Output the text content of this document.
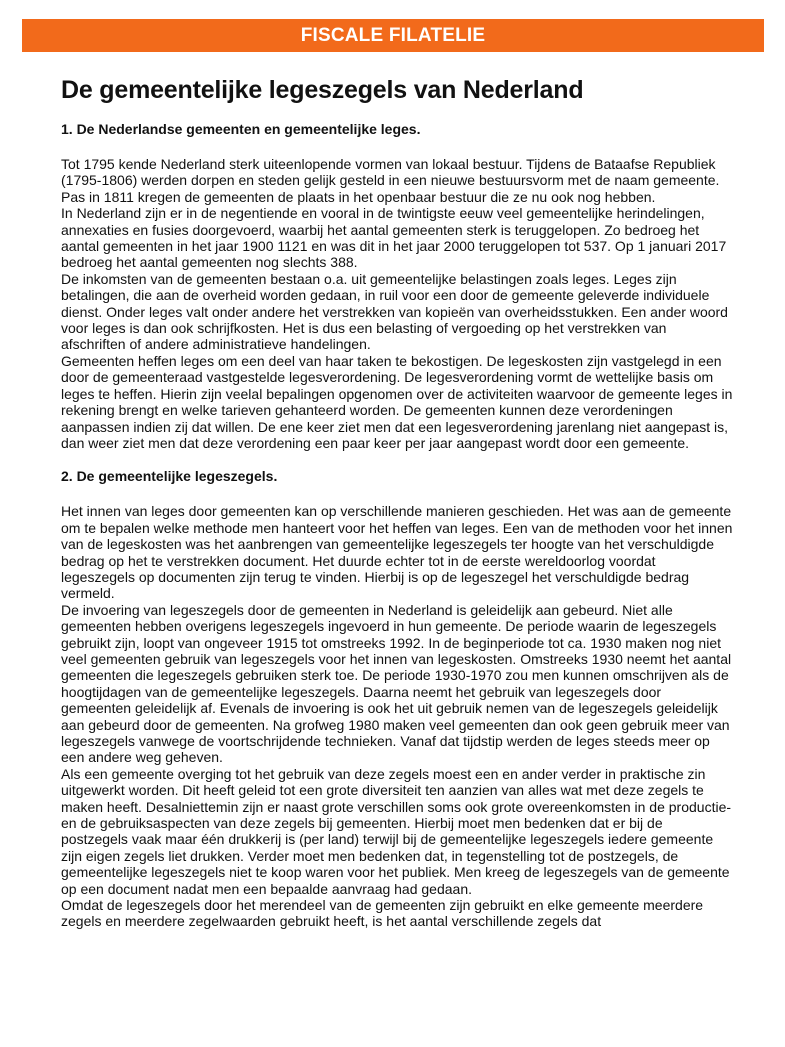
FISCALE FILATELIE
De gemeentelijke legeszegels van Nederland
1. De Nederlandse gemeenten en gemeentelijke leges.

Tot 1795 kende Nederland sterk uiteenlopende vormen van lokaal bestuur. Tijdens de Bataafse Republiek (1795-1806) werden dorpen en steden gelijk gesteld in een nieuwe bestuursvorm met de naam gemeente. Pas in 1811 kregen de gemeenten de plaats in het openbaar bestuur die ze nu ook nog hebben.

In Nederland zijn er in de negentiende en vooral in de twintigste eeuw veel gemeentelijke herindelingen, annexaties en fusies doorgevoerd, waarbij het aantal gemeenten sterk is teruggelopen. Zo bedroeg het aantal gemeenten in het jaar 1900 1121 en was dit in het jaar 2000 teruggelopen tot 537. Op 1 januari 2017 bedroeg het aantal gemeenten nog slechts 388.

De inkomsten van de gemeenten bestaan o.a. uit gemeentelijke belastingen zoals leges. Leges zijn betalingen, die aan de overheid worden gedaan, in ruil voor een door de gemeente geleverde individuele dienst. Onder leges valt onder andere het verstrekken van kopieën van overheidsstukken. Een ander woord voor leges is dan ook schrijfkosten. Het is dus een belasting of vergoeding op het verstrekken van afschriften of andere administratieve handelingen.

Gemeenten heffen leges om een deel van haar taken te bekostigen. De legeskosten zijn vastgelegd in een door de gemeenteraad vastgestelde legesverordening. De legesverordening vormt de wettelijke basis om leges te heffen. Hierin zijn veelal bepalingen opgenomen over de activiteiten waarvoor de gemeente leges in rekening brengt en welke tarieven gehanteerd worden. De gemeenten kunnen deze verordeningen aanpassen indien zij dat willen. De ene keer ziet men dat een legesverordening jarenlang niet aangepast is, dan weer ziet men dat deze verordening een paar keer per jaar aangepast wordt door een gemeente.

2. De gemeentelijke legeszegels.

Het innen van leges door gemeenten kan op verschillende manieren geschieden. Het was aan de gemeente om te bepalen welke methode men hanteert voor het heffen van leges. Een van de methoden voor het innen van de legeskosten was het aanbrengen van gemeentelijke legeszegels ter hoogte van het verschuldigde bedrag op het te verstrekken document. Het duurde echter tot in de eerste wereldoorlog voordat legeszegels op documenten zijn terug te vinden. Hierbij is op de legeszegel het verschuldigde bedrag vermeld.

De invoering van legeszegels door de gemeenten in Nederland is geleidelijk aan gebeurd. Niet alle gemeenten hebben overigens legeszegels ingevoerd in hun gemeente. De periode waarin de legeszegels gebruikt zijn, loopt van ongeveer 1915 tot omstreeks 1992. In de beginperiode tot ca. 1930 maken nog niet veel gemeenten gebruik van legeszegels voor het innen van legeskosten. Omstreeks 1930 neemt het aantal gemeenten die legeszegels gebruiken sterk toe. De periode 1930-1970 zou men kunnen omschrijven als de hoogtijdagen van de gemeentelijke legeszegels. Daarna neemt het gebruik van legeszegels door gemeenten geleidelijk af. Evenals de invoering is ook het uit gebruik nemen van de legeszegels geleidelijk aan gebeurd door de gemeenten. Na grofweg 1980 maken veel gemeenten dan ook geen gebruik meer van legeszegels vanwege de voortschrijdende technieken. Vanaf dat tijdstip werden de leges steeds meer op een andere weg geheven.

Als een gemeente overging tot het gebruik van deze zegels moest een en ander verder in praktische zin uitgewerkt worden. Dit heeft geleid tot een grote diversiteit ten aanzien van alles wat met deze zegels te maken heeft. Desalniettemin zijn er naast grote verschillen soms ook grote overeenkomsten in de productie- en de gebruiksaspecten van deze zegels bij gemeenten. Hierbij moet men bedenken dat er bij de postzegels vaak maar één drukkerij is (per land) terwijl bij de gemeentelijke legeszegels iedere gemeente zijn eigen zegels liet drukken. Verder moet men bedenken dat, in tegenstelling tot de postzegels, de gemeentelijke legeszegels niet te koop waren voor het publiek. Men kreeg de legeszegels van de gemeente op een document nadat men een bepaalde aanvraag had gedaan.

Omdat de legeszegels door het merendeel van de gemeenten zijn gebruikt en elke gemeente meerdere zegels en meerdere zegelwaarden gebruikt heeft, is het aantal verschillende zegels dat
